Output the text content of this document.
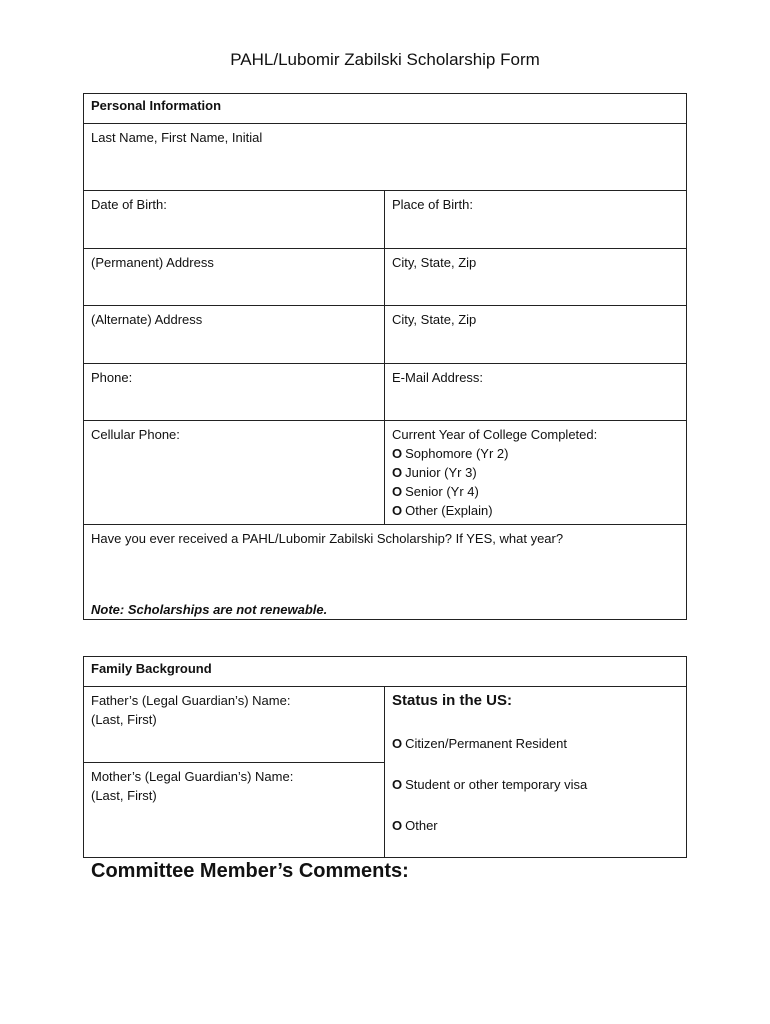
PAHL/Lubomir Zabilski Scholarship Form
Personal Information	
Last Name, First Name, Initial	
Date of Birth:	Place of Birth:
(Permanent) Address	City, State, Zip
(Alternate) Address	City, State, Zip
Phone:	E-Mail Address:
Cellular Phone:	Current Year of College Completed:
O Sophomore (Yr 2)
O Junior (Yr 3)
O Senior (Yr 4)
O Other (Explain)

Have you ever received a PAHL/Lubomir Zabilski Scholarship? If YES, what year?
Note: Scholarships are not renewable.	
Family Background

Father’s (Legal Guardian’s) Name:
(Last, First)

Status in the US:
O Citizen/Permanent Resident
O Student or other temporary visa
O Other

Mother’s (Legal Guardian’s) Name:
(Last, First)
Committee Member’s Comments:
